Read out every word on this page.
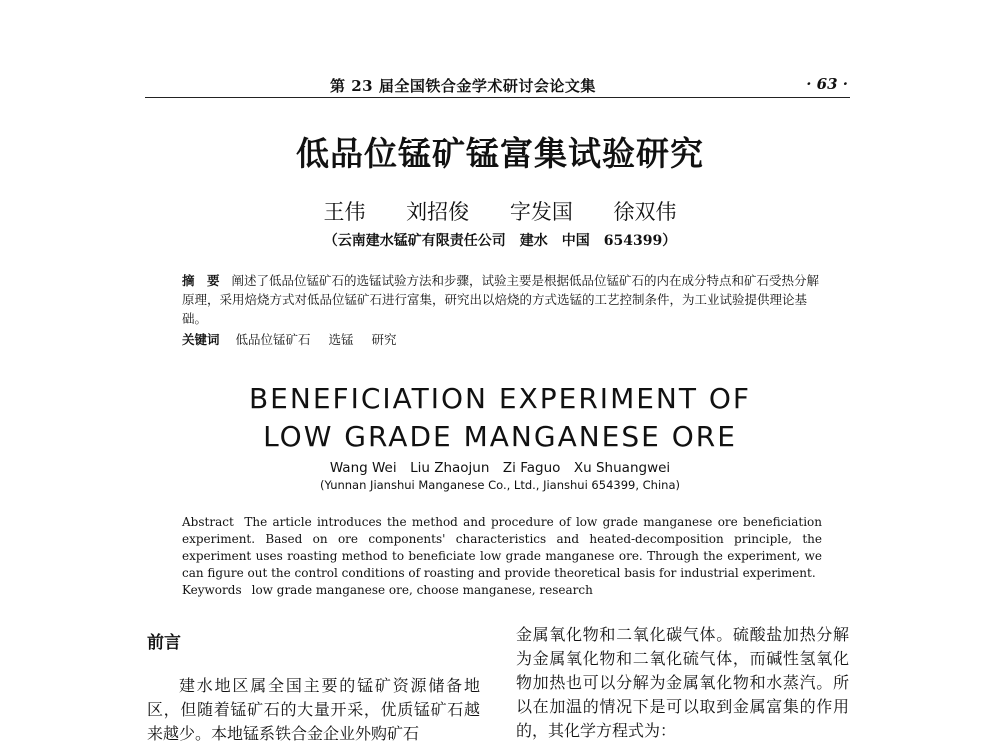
第 23 届全国铁合金学术研讨会论文集	· 63 ·
低品位锰矿锰富集试验研究
王伟 刘招俊 字发国 徐双伟
（云南建水锰矿有限责任公司　建水　中国　654399）
摘　要 阐述了低品位锰矿石的选锰试验方法和步骤，试验主要是根据低品位锰矿石的内在成分特点和矿石受热分解原理，采用焙烧方式对低品位锰矿石进行富集，研究出以焙烧的方式选锰的工艺控制条件，为工业试验提供理论基础。
关键词 低品位锰矿石 选锰 研究
BENEFICIATION EXPERIMENT OF
LOW GRADE MANGANESE ORE
Wang Wei　Liu Zhaojun　Zi Faguo　Xu Shuangwei
(Yunnan Jianshui Manganese Co., Ltd., Jianshui 654399, China)
Abstract The article introduces the method and procedure of low grade manganese ore beneficiation experiment. Based on ore components' characteristics and heated-decomposition principle, the experiment uses roasting method to beneficiate low grade manganese ore. Through the experiment, we can figure out the control conditions of roasting and provide theoretical basis for industrial experiment.
Keywords low grade manganese ore, choose manganese, research
前言

建水地区属全国主要的锰矿资源储备地区，但随着锰矿石的大量开采，优质锰矿石越来越少。本地锰系铁合金企业外购矿石

金属氧化物和二氧化碳气体。硫酸盐加热分解为金属氧化物和二氧化硫气体，而碱性氢氧化物加热也可以分解为金属氧化物和水蒸汽。所以在加温的情况下是可以取到金属富集的作用的，其化学方程式为：
